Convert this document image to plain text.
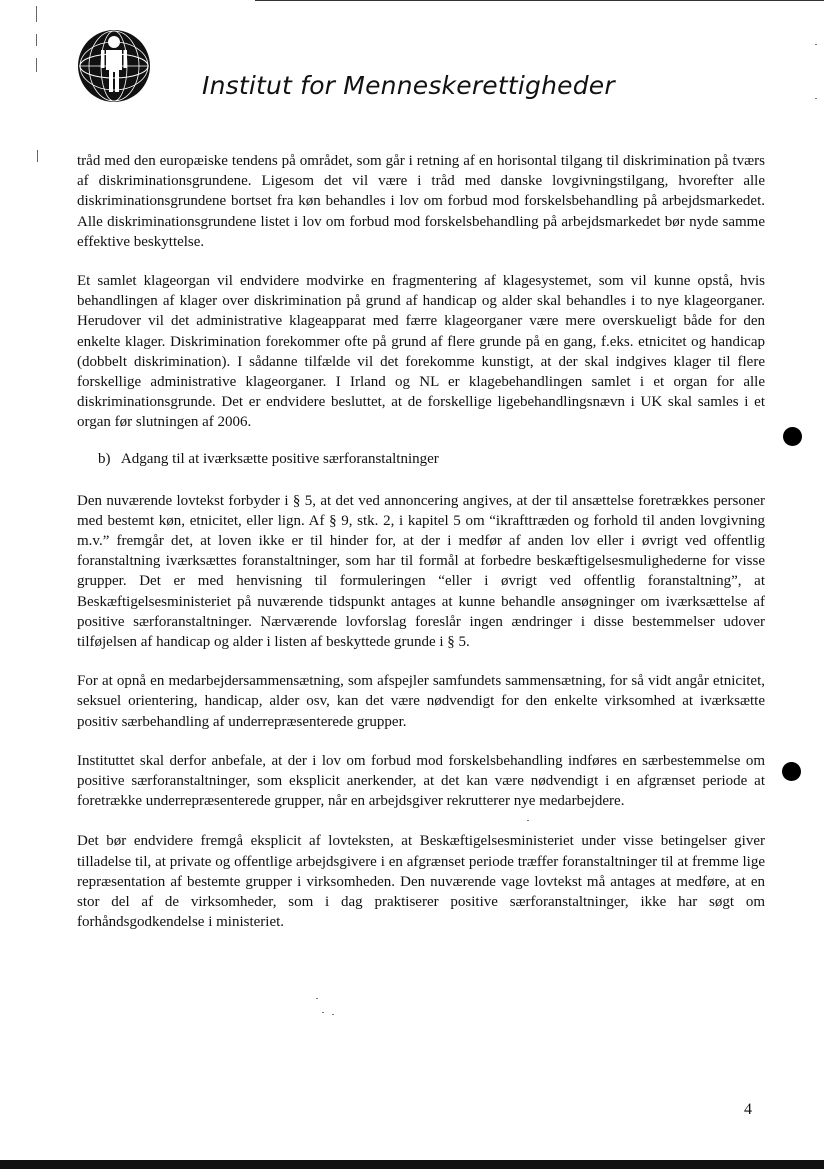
Institut for Menneskerettigheder

tråd med den europæiske tendens på området, som går i retning af en horisontal tilgang til diskrimination på tværs af diskriminationsgrundene. Ligesom det vil være i tråd med danske lovgivningstilgang, hvorefter alle diskriminationsgrundene bortset fra køn behandles i lov om forbud mod forskelsbehandling på arbejdsmarkedet. Alle diskriminationsgrundene listet i lov om forbud mod forskelsbehandling på arbejdsmarkedet bør nyde samme effektive beskyttelse.

Et samlet klageorgan vil endvidere modvirke en fragmentering af klagesystemet, som vil kunne opstå, hvis behandlingen af klager over diskrimination på grund af handicap og alder skal behandles i to nye klageorganer. Herudover vil det administrative klageapparat med færre klageorganer være mere overskueligt både for den enkelte klager. Diskrimination forekommer ofte på grund af flere grunde på en gang, f.eks. etnicitet og handicap (dobbelt diskrimination). I sådanne tilfælde vil det forekomme kunstigt, at der skal indgives klager til flere forskellige administrative klageorganer. I Irland og NL er klagebehandlingen samlet i et organ for alle diskriminationsgrunde. Det er endvidere besluttet, at de forskellige ligebehandlingsnævn i UK skal samles i et organ før slutningen af 2006.

b)   Adgang til at iværksætte positive særforanstaltninger

Den nuværende lovtekst forbyder i § 5, at det ved annoncering angives, at der til ansættelse foretrækkes personer med bestemt køn, etnicitet, eller lign. Af § 9, stk. 2, i kapitel 5 om “ikrafttræden og forhold til anden lovgivning m.v.” fremgår det, at loven ikke er til hinder for, at der i medfør af anden lov eller i øvrigt ved offentlig foranstaltning iværksættes foranstaltninger, som har til formål at forbedre beskæftigelsesmulighederne for visse grupper. Det er med henvisning til formuleringen “eller i øvrigt ved offentlig foranstaltning”, at Beskæftigelsesministeriet på nuværende tidspunkt antages at kunne behandle ansøgninger om iværksættelse af positive særforanstaltninger. Nærværende lovforslag foreslår ingen ændringer i disse bestemmelser udover tilføjelsen af handicap og alder i listen af beskyttede grunde i § 5.

For at opnå en medarbejdersammensætning, som afspejler samfundets sammensætning, for så vidt angår etnicitet, seksuel orientering, handicap, alder osv, kan det være nødvendigt for den enkelte virksomhed at iværksætte positiv særbehandling af underrepræsenterede grupper.

Instituttet skal derfor anbefale, at der i lov om forbud mod forskelsbehandling indføres en særbestemmelse om positive særforanstaltninger, som eksplicit anerkender, at det kan være nødvendigt i en afgrænset periode at foretrække underrepræsenterede grupper, når en arbejdsgiver rekrutterer nye medarbejdere.

Det bør endvidere fremgå eksplicit af lovteksten, at Beskæftigelsesministeriet under visse betingelser giver tilladelse til, at private og offentlige arbejdsgivere i en afgrænset periode træffer foranstaltninger til at fremme lige repræsentation af bestemte grupper i virksomheden. Den nuværende vage lovtekst må antages at medføre, at en stor del af de virksomheder, som i dag praktiserer positive særforanstaltninger, ikke har søgt om forhåndsgodkendelse i ministeriet.

4
